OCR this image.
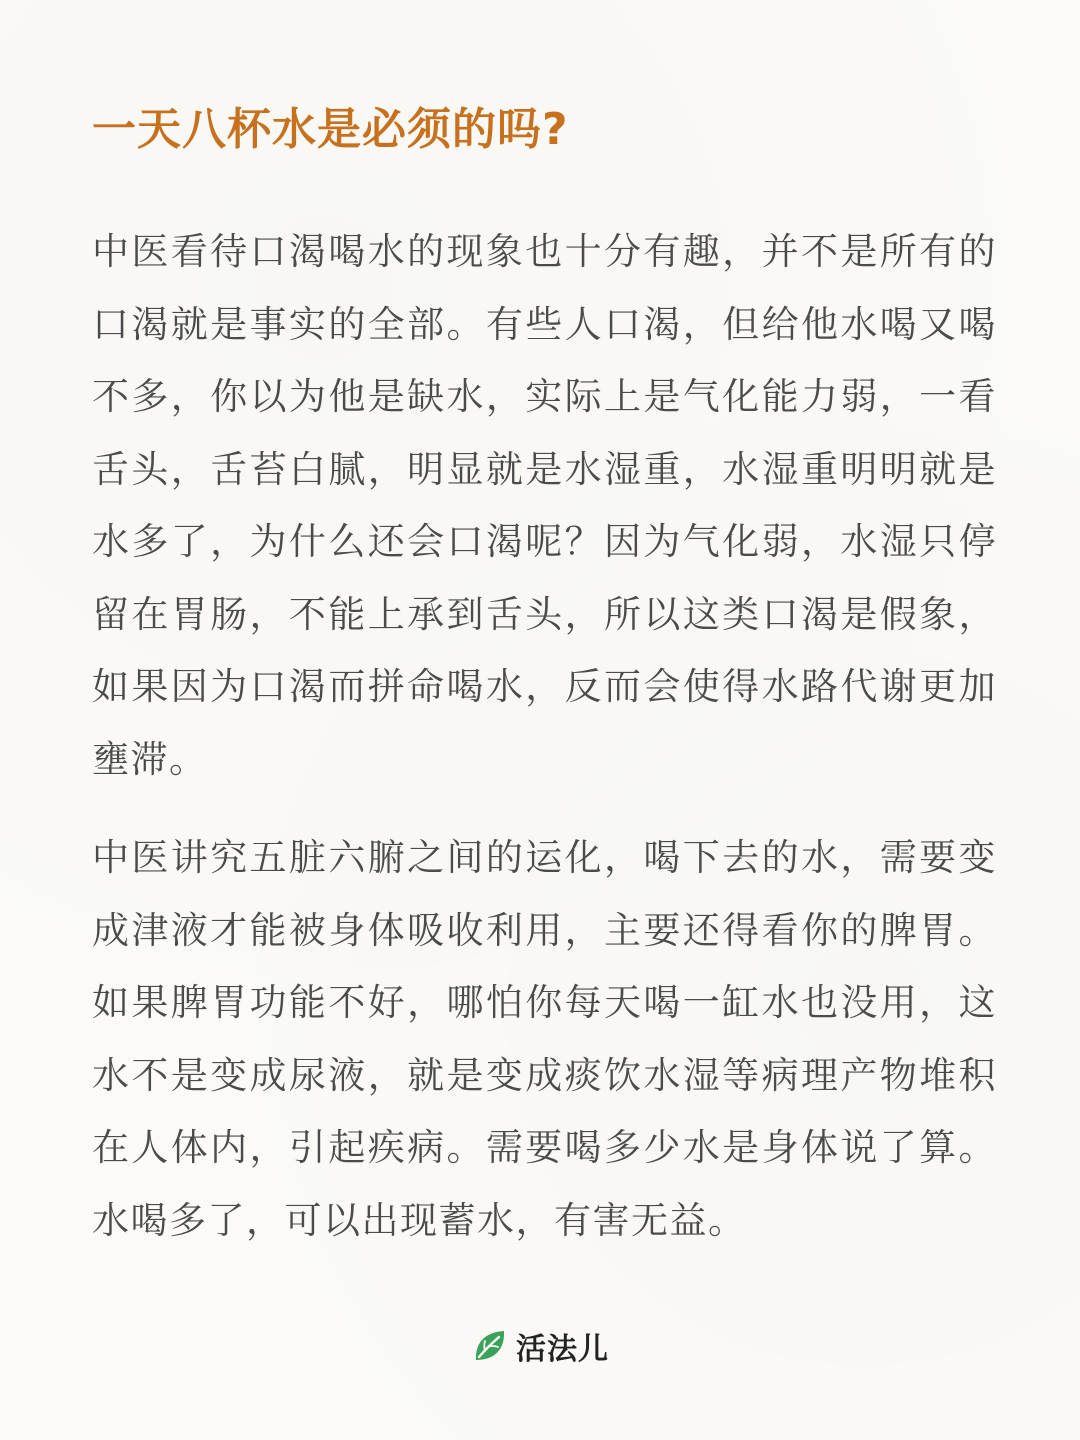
一天八杯水是必须的吗?

中医看待口渴喝水的现象也十分有趣，并不是所有的口渴就是事实的全部。有些人口渴，但给他水喝又喝不多，你以为他是缺水，实际上是气化能力弱，一看舌头，舌苔白腻，明显就是水湿重，水湿重明明就是水多了，为什么还会口渴呢？因为气化弱，水湿只停留在胃肠，不能上承到舌头，所以这类口渴是假象，如果因为口渴而拼命喝水，反而会使得水路代谢更加壅滞。

中医讲究五脏六腑之间的运化，喝下去的水，需要变成津液才能被身体吸收利用，主要还得看你的脾胃。如果脾胃功能不好，哪怕你每天喝一缸水也没用，这水不是变成尿液，就是变成痰饮水湿等病理产物堆积在人体内，引起疾病。需要喝多少水是身体说了算。水喝多了，可以出现蓄水，有害无益。

活法儿
